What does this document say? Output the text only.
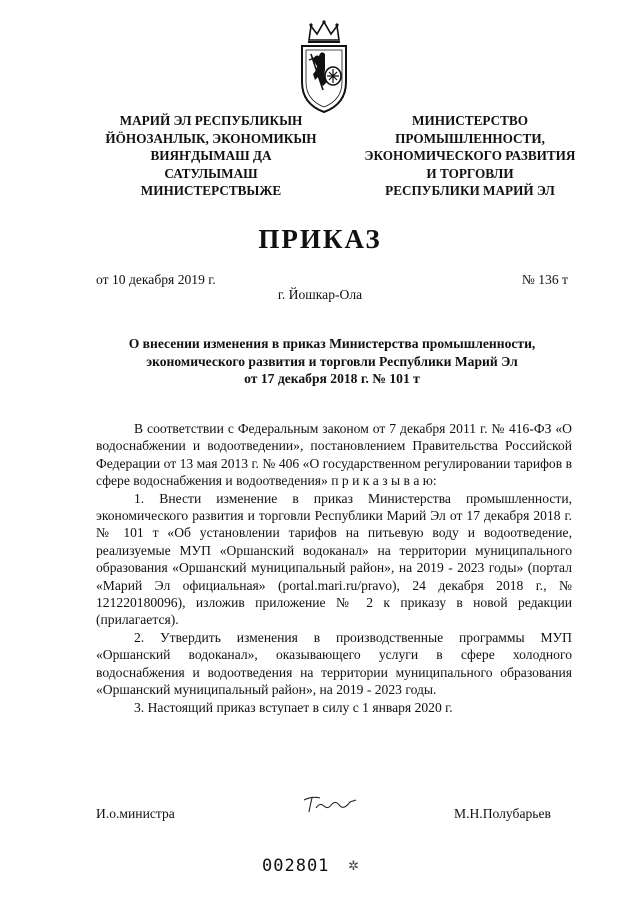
МАРИЙ ЭЛ РЕСПУБЛИКЫН
ЙÖНОЗАНЛЫК, ЭКОНОМИКЫН
ВИЯҤДЫМАШ ДА
САТУЛЫМАШ
МИНИСТЕРСТВЫЖЕ
МИНИСТЕРСТВО
ПРОМЫШЛЕННОСТИ,
ЭКОНОМИЧЕСКОГО РАЗВИТИЯ
И ТОРГОВЛИ
РЕСПУБЛИКИ МАРИЙ ЭЛ
ПРИКАЗ
от 10 декабря 2019 г.	№ 136 т
г. Йошкар-Ола
О внесении изменения в приказ Министерства промышленности,
экономического развития и торговли Республики Марий Эл
от 17 декабря 2018 г. № 101 т

В соответствии с Федеральным законом от 7 декабря 2011 г. № 416-ФЗ «О водоснабжении и водоотведении», постановлением Правительства Российской Федерации от 13 мая 2013 г. № 406 «О государственном регулировании тарифов в сфере водоснабжения и водоотведения» п р и к а з ы в а ю:

1. Внести изменение в приказ Министерства промышленности, экономического развития и торговли Республики Марий Эл от 17 декабря 2018 г. № 101 т «Об установлении тарифов на питьевую воду и водоотведение, реализуемые МУП «Оршанский водоканал» на территории муниципального образования «Оршанский муниципальный район», на 2019 - 2023 годы» (портал «Марий Эл официальная» (portal.mari.ru/pravo), 24 декабря 2018 г., № 121220180096), изложив приложение № 2 к приказу в новой редакции (прилагается).

2. Утвердить изменения в производственные программы МУП «Оршанский водоканал», оказывающего услуги в сфере холодного водоснабжения и водоотведения на территории муниципального образования «Оршанский муниципальный район», на 2019 - 2023 годы.

3. Настоящий приказ вступает в силу с 1 января 2020 г.

И.о.министра	М.Н.Полубарьев
002801 ✲
